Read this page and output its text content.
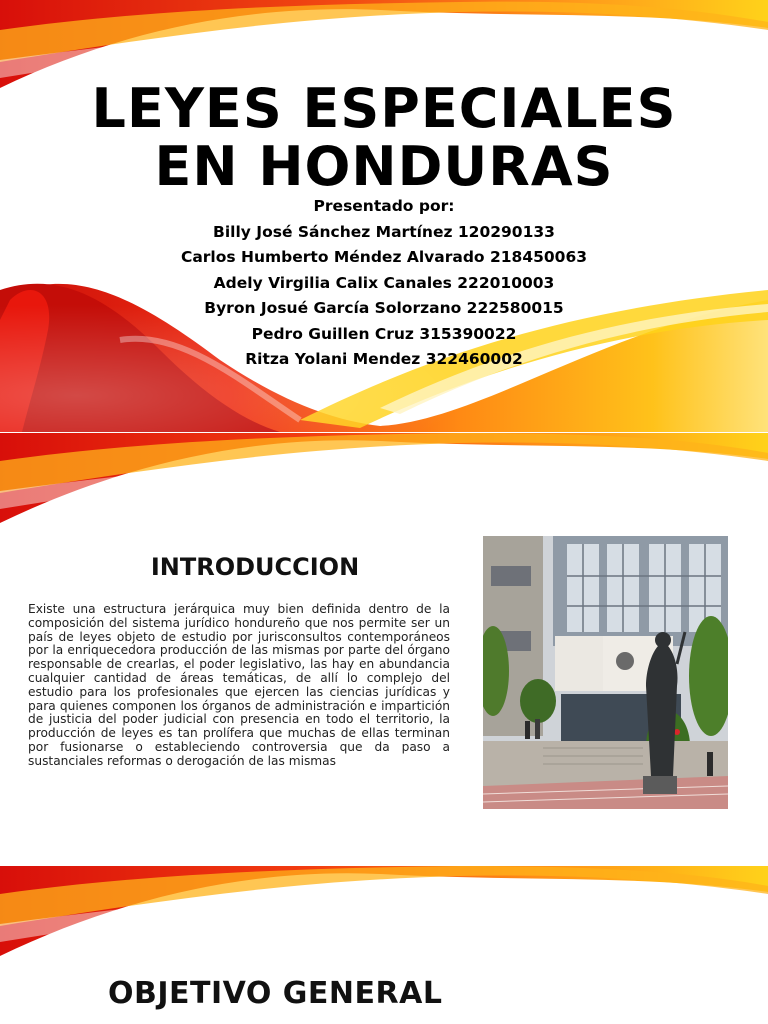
LEYES ESPECIALES
EN HONDURAS
Presentado por:
Billy José Sánchez Martínez 120290133
Carlos Humberto Méndez Alvarado 218450063
Adely Virgilia Calix Canales 222010003
Byron Josué García Solorzano 222580015
Pedro Guillen Cruz 315390022
Ritza Yolani Mendez 322460002
INTRODUCCION

Existe una estructura jerárquica muy bien definida dentro de la composición del sistema jurídico hondureño que nos permite ser un país de leyes objeto de estudio por jurisconsultos contemporáneos por la enriquecedora producción de las mismas por parte del órgano responsable de crearlas, el poder legislativo, las hay en abundancia cualquier cantidad de áreas temáticas, de allí lo complejo del estudio para los profesionales que ejercen las ciencias jurídicas y para quienes componen los órganos de administración e impartición de justicia del poder judicial con presencia en todo el territorio, la producción de leyes es tan prolífera que muchas de ellas terminan por fusionarse o estableciendo controversia que da paso a sustanciales reformas o derogación de las mismas

OBJETIVO GENERAL
